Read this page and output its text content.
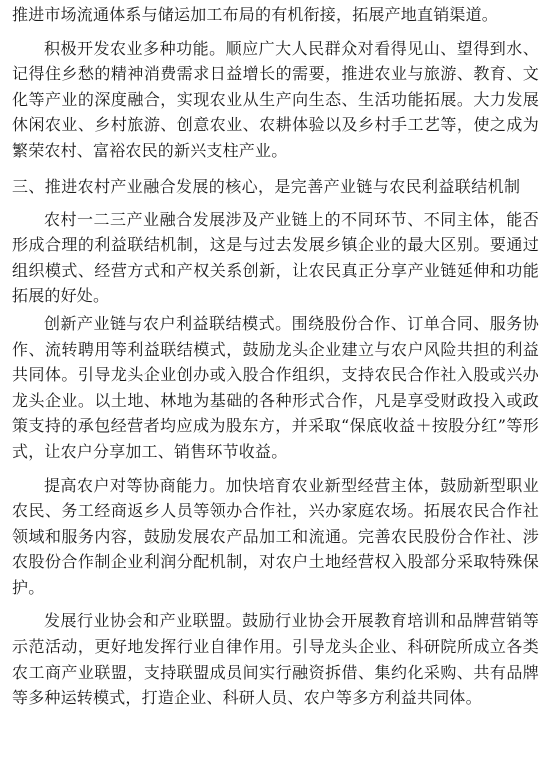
推进市场流通体系与储运加工布局的有机衔接，拓展产地直销渠道。

积极开发农业多种功能。顺应广大人民群众对看得见山、望得到水、记得住乡愁的精神消费需求日益增长的需要，推进农业与旅游、教育、文化等产业的深度融合，实现农业从生产向生态、生活功能拓展。大力发展休闲农业、乡村旅游、创意农业、农耕体验以及乡村手工艺等，使之成为繁荣农村、富裕农民的新兴支柱产业。

三、推进农村产业融合发展的核心，是完善产业链与农民利益联结机制

农村一二三产业融合发展涉及产业链上的不同环节、不同主体，能否形成合理的利益联结机制，这是与过去发展乡镇企业的最大区别。要通过组织模式、经营方式和产权关系创新，让农民真正分享产业链延伸和功能拓展的好处。

创新产业链与农户利益联结模式。围绕股份合作、订单合同、服务协作、流转聘用等利益联结模式，鼓励龙头企业建立与农户风险共担的利益共同体。引导龙头企业创办或入股合作组织，支持农民合作社入股或兴办龙头企业。以土地、林地为基础的各种形式合作，凡是享受财政投入或政策支持的承包经营者均应成为股东方，并采取“保底收益＋按股分红”等形式，让农户分享加工、销售环节收益。

提高农户对等协商能力。加快培育农业新型经营主体，鼓励新型职业农民、务工经商返乡人员等领办合作社，兴办家庭农场。拓展农民合作社领域和服务内容，鼓励发展农产品加工和流通。完善农民股份合作社、涉农股份合作制企业利润分配机制，对农户土地经营权入股部分采取特殊保护。

发展行业协会和产业联盟。鼓励行业协会开展教育培训和品牌营销等示范活动，更好地发挥行业自律作用。引导龙头企业、科研院所成立各类农工商产业联盟，支持联盟成员间实行融资拆借、集约化采购、共有品牌等多种运转模式，打造企业、科研人员、农户等多方利益共同体。
